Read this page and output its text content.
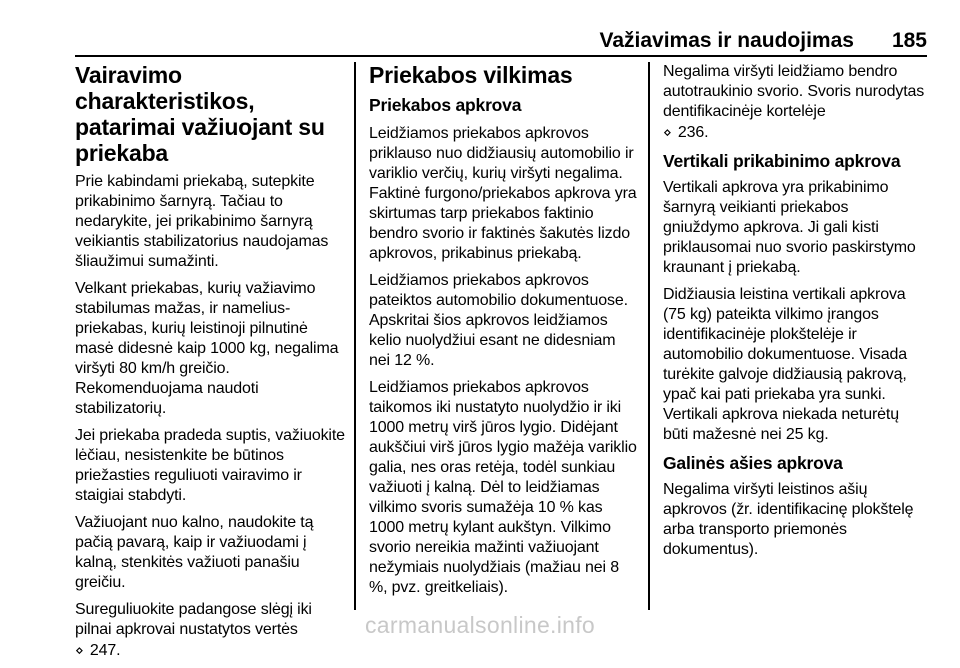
Važiavimas ir naudojimas 185
Vairavimo charakteristikos, patarimai važiuojant su priekaba

Prie kabindami priekabą, sutepkite prikabinimo šarnyrą. Tačiau to nedarykite, jei prikabinimo šarnyrą veikiantis stabilizatorius naudojamas šliaužimui sumažinti.

Velkant priekabas, kurių važiavimo stabilumas mažas, ir namelius-priekabas, kurių leistinoji pilnutinė masė didesnė kaip 1000 kg, negalima viršyti 80 km/h greičio.

Rekomenduojama naudoti stabilizatorių.

Jei priekaba pradeda suptis, važiuokite lėčiau, nesistenkite be būtinos priežasties reguliuoti vairavimo ir staigiai stabdyti.

Važiuojant nuo kalno, naudokite tą pačią pavarą, kaip ir važiuodami į kalną, stenkitės važiuoti panašiu greičiu.

Sureguliuokite padangose slėgį iki pilnai apkrovai nustatytos vertės
⋄ 247.

Priekabos vilkimas
Priekabos apkrova

Leidžiamos priekabos apkrovos priklauso nuo didžiausių automobilio ir variklio verčių, kurių viršyti negalima. Faktinė furgono/priekabos apkrova yra skirtumas tarp priekabos faktinio bendro svorio ir faktinės šakutės lizdo apkrovos, prikabinus priekabą.

Leidžiamos priekabos apkrovos pateiktos automobilio dokumentuose. Apskritai šios apkrovos leidžiamos kelio nuolydžiui esant ne didesniam nei 12 %.

Leidžiamos priekabos apkrovos taikomos iki nustatyto nuolydžio ir iki 1000 metrų virš jūros lygio. Didėjant aukščiui virš jūros lygio mažėja variklio galia, nes oras retėja, todėl sunkiau važiuoti į kalną. Dėl to leidžiamas vilkimo svoris sumažėja 10 % kas 1000 metrų kylant aukštyn. Vilkimo svorio nereikia mažinti važiuojant nežymiais nuolydžiais (mažiau nei 8 %, pvz. greitkeliais).

Negalima viršyti leidžiamo bendro autotraukinio svorio. Svoris nurodytas dentifikacinėje kortelėje
⋄ 236.

Vertikali prikabinimo apkrova

Vertikali apkrova yra prikabinimo šarnyrą veikianti priekabos gniuždymo apkrova. Ji gali kisti priklausomai nuo svorio paskirstymo kraunant į priekabą.

Didžiausia leistina vertikali apkrova (75 kg) pateikta vilkimo įrangos identifikacinėje plokštelėje ir automobilio dokumentuose. Visada turėkite galvoje didžiausią pakrovą, ypač kai pati priekaba yra sunki. Vertikali apkrova niekada neturėtų būti mažesnė nei 25 kg.

Galinės ašies apkrova

Negalima viršyti leistinos ašių apkrovos (žr. identifikacinę plokštelę arba transporto priemonės dokumentus).

carmanualsonline.info
